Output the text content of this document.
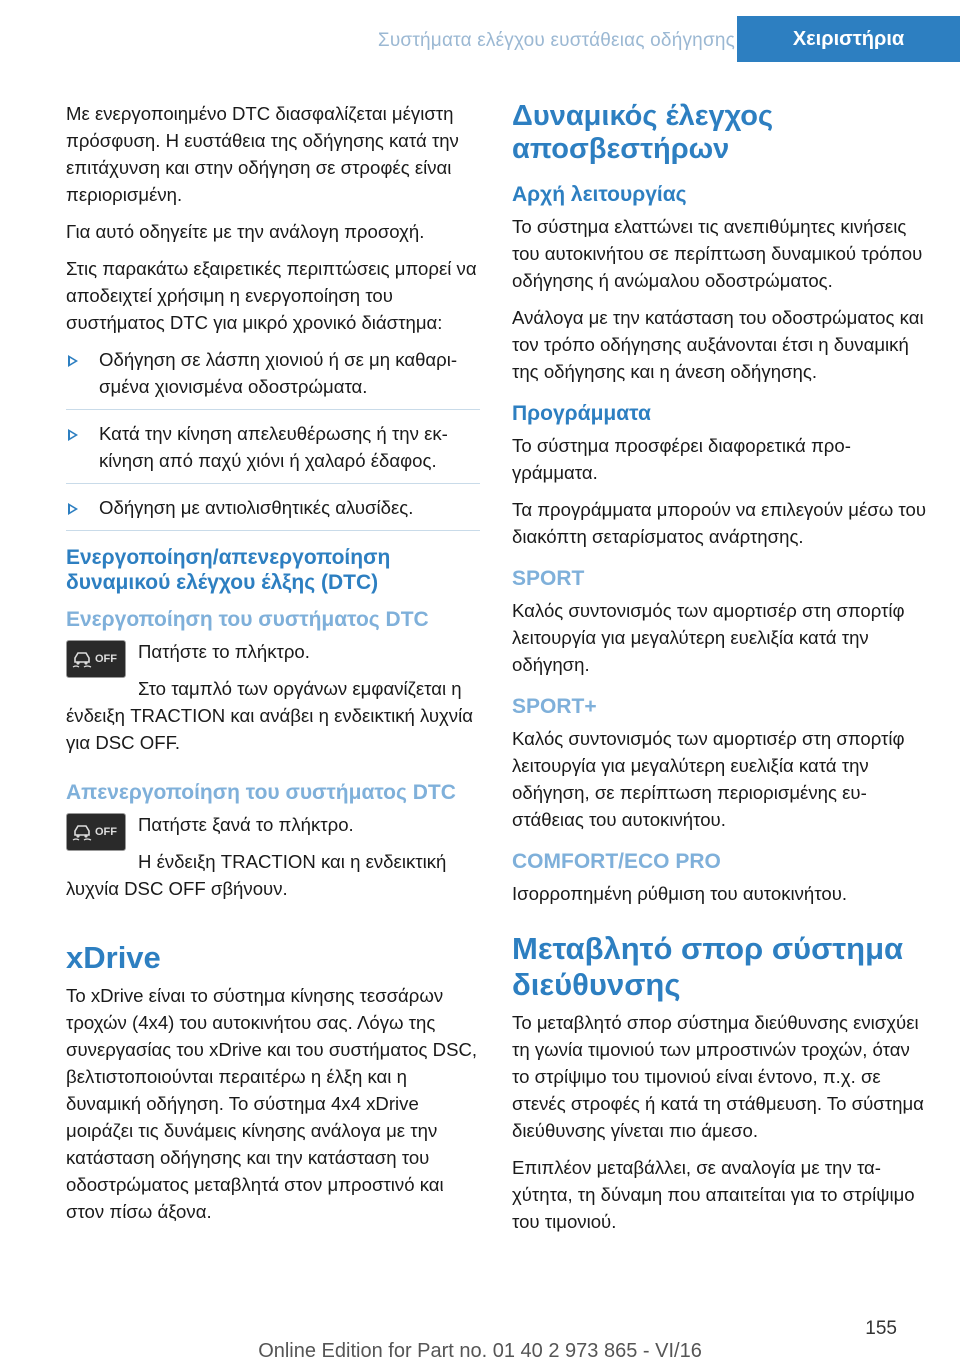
Συστήματα ελέγχου ευστάθειας οδήγησης	Χειριστήρια

Με ενεργοποιημένο DTC διασφαλίζεται μέγιστη πρόσφυση. Η ευστάθεια της οδήγησης κατά την επιτάχυνση και στην οδήγηση σε στροφές είναι περιορισμένη.

Για αυτό οδηγείτε με την ανάλογη προσοχή.

Στις παρακάτω εξαιρετικές περιπτώσεις μπορεί να αποδειχτεί χρήσιμη η ενεργοποίηση του συστήματος DTC για μικρό χρονικό διάστημα:

Οδήγηση σε λάσπη χιονιού ή σε μη καθαρισμένα χιονισμένα οδοστρώματα.
Κατά την κίνηση απελευθέρωσης ή την εκκίνηση από παχύ χιόνι ή χαλαρό έδαφος.
Οδήγηση με αντιολισθητικές αλυσίδες.
Ενεργοποίηση/απενεργοποίηση δυναμικού ελέγχου έλξης (DTC)
Ενεργοποίηση του συστήματος DTC
OFF	Πατήστε το πλήκτρο.

Στο ταμπλό των οργάνων εμφανίζεται η ένδειξη TRACTION και ανάβει η ενδεικτική λυχνία για DSC OFF.

Απενεργοποίηση του συστήματος DTC
OFF	Πατήστε ξανά το πλήκτρο.

Η ένδειξη TRACTION και η ενδεικτική λυχνία DSC OFF σβήνουν.

xDrive

Το xDrive είναι το σύστημα κίνησης τεσσάρων τροχών (4x4) του αυτοκινήτου σας. Λόγω της συνεργασίας του xDrive και του συστήματος DSC, βελτιστοποιούνται περαιτέρω η έλξη και η δυναμική οδήγηση. Το σύστημα 4x4 xDrive μοιράζει τις δυνάμεις κίνησης ανάλογα με την κατάσταση οδήγησης και την κατάσταση του οδοστρώματος μεταβλητά στον μπροστινό και στον πίσω άξονα.

Δυναμικός έλεγχος αποσβεστήρων
Αρχή λειτουργίας

Το σύστημα ελαττώνει τις ανεπιθύμητες κινήσεις του αυτοκινήτου σε περίπτωση δυναμικού τρόπου οδήγησης ή ανώμαλου οδοστρώματος.

Ανάλογα με την κατάσταση του οδοστρώματος και τον τρόπο οδήγησης αυξάνονται έτσι η δυναμική της οδήγησης και η άνεση οδήγησης.

Προγράμματα

Το σύστημα προσφέρει διαφορετικά προγράμματα.

Τα προγράμματα μπορούν να επιλεγούν μέσω του διακόπτη σεταρίσματος ανάρτησης.

SPORT

Καλός συντονισμός των αμορτισέρ στη σπορτίφ λειτουργία για μεγαλύτερη ευελιξία κατά την οδήγηση.

SPORT+

Καλός συντονισμός των αμορτισέρ στη σπορτίφ λειτουργία για μεγαλύτερη ευελιξία κατά την οδήγηση, σε περίπτωση περιορισμένης ευστάθειας του αυτοκινήτου.

COMFORT/ECO PRO

Ισορροπημένη ρύθμιση του αυτοκινήτου.

Μεταβλητό σπορ σύστημα διεύθυνσης

Το μεταβλητό σπορ σύστημα διεύθυνσης ενισχύει τη γωνία τιμονιού των μπροστινών τροχών, όταν το στρίψιμο του τιμονιού είναι έντονο, π.χ. σε στενές στροφές ή κατά τη στάθμευση. Το σύστημα διεύθυνσης γίνεται πιο άμεσο.

Επιπλέον μεταβάλλει, σε αναλογία με την ταχύτητα, τη δύναμη που απαιτείται για το στρίψιμο του τιμονιού.

155
Online Edition for Part no. 01 40 2 973 865 - VI/16
